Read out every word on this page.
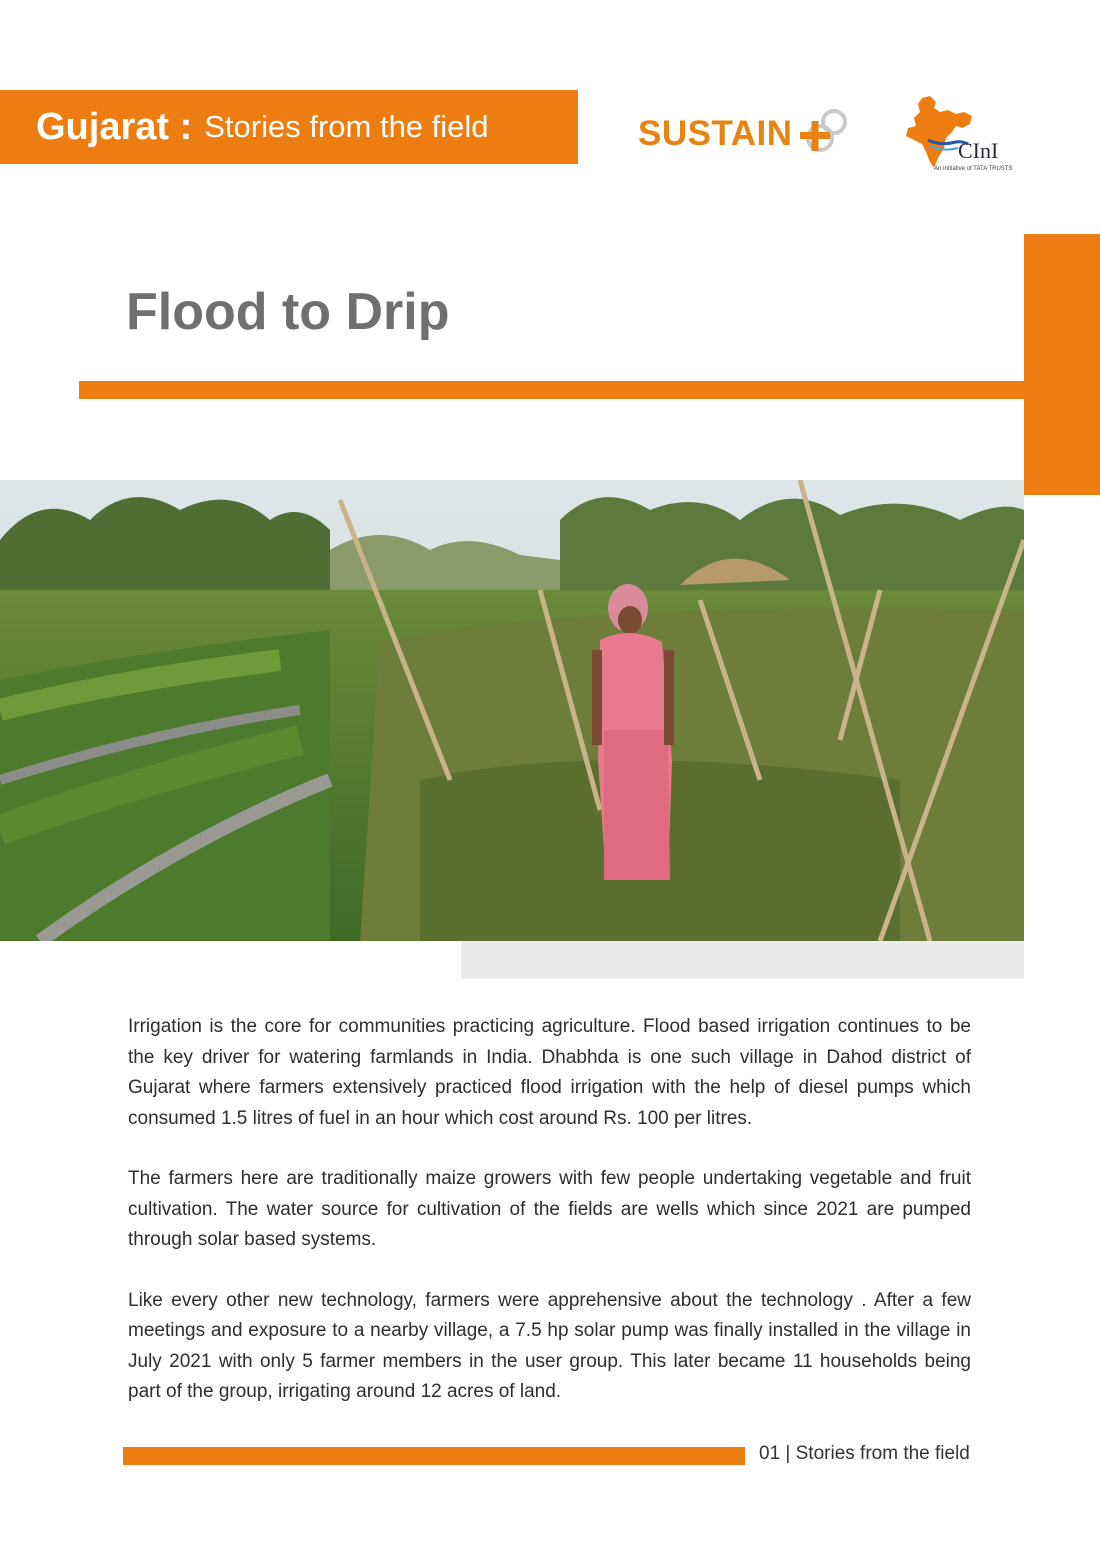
Gujarat : Stories from the field	SUSTAIN	CInI
An Initiative of TATA TRUSTS
Flood to Drip

Irrigation is the core for communities practicing agriculture. Flood based irrigation continues to be the key driver for watering farmlands in India. Dhabhda is one such village in Dahod district of Gujarat where farmers extensively practiced flood irrigation with the help of diesel pumps which consumed 1.5 litres of fuel in an hour which cost around Rs. 100 per litres.

The farmers here are traditionally maize growers with few people undertaking vegetable and fruit cultivation. The water source for cultivation of the fields are wells which since 2021 are pumped through solar based systems.

Like every other new technology, farmers were apprehensive about the technology . After a few meetings and exposure to a nearby village, a 7.5 hp solar pump was finally installed in the village in July 2021 with only 5 farmer members in the user group. This later became 11 households being part of the group, irrigating around 12 acres of land.

01 | Stories from the field
